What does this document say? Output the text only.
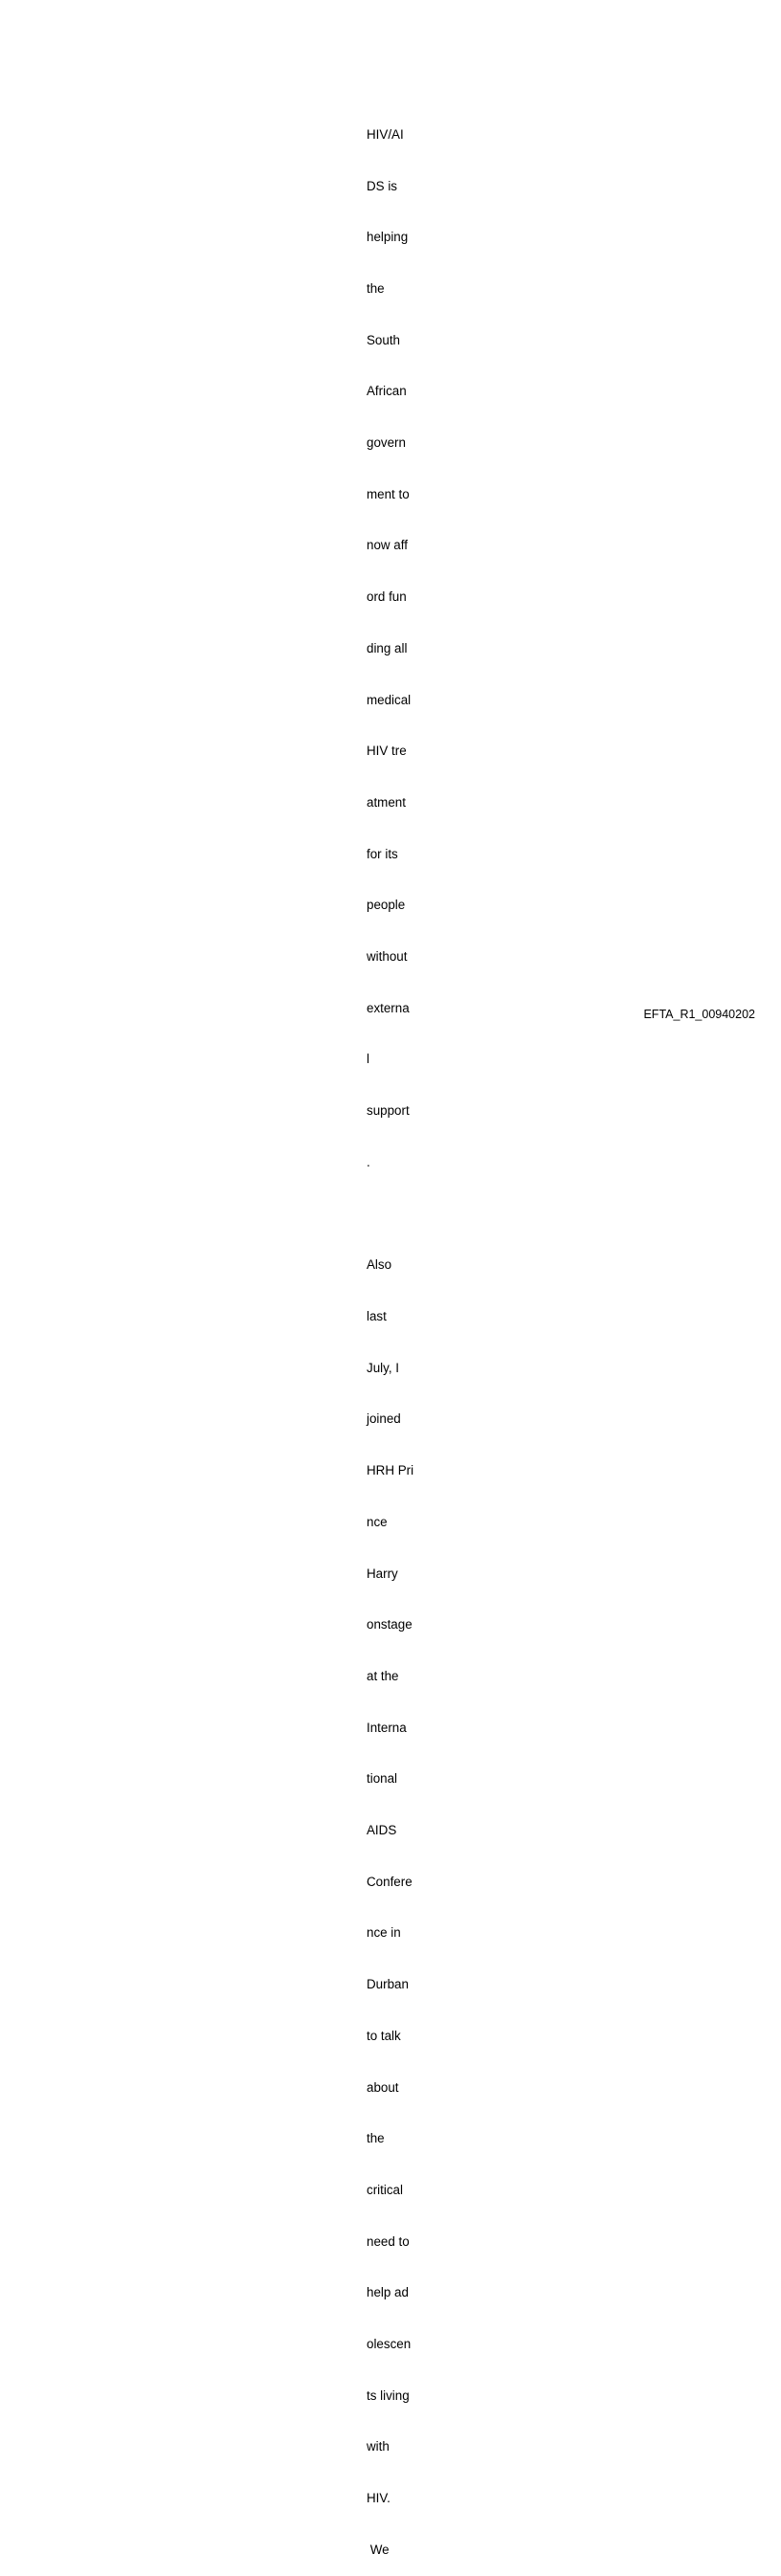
HIV/AI

DS is

helping

the

South

African

govern

ment to

now aff

ord fun

ding all

medical

HIV tre

atment

for its

people

without

externa

l

support

.

Also

last

July, I

joined

HRH Pri

nce

Harry

onstage

at the

Interna

tional

AIDS

Confere

nce in

Durban

to talk

about

the

critical

need to

help ad

olescen

ts living

with

HIV.

We

EFTA_R1_00940202
